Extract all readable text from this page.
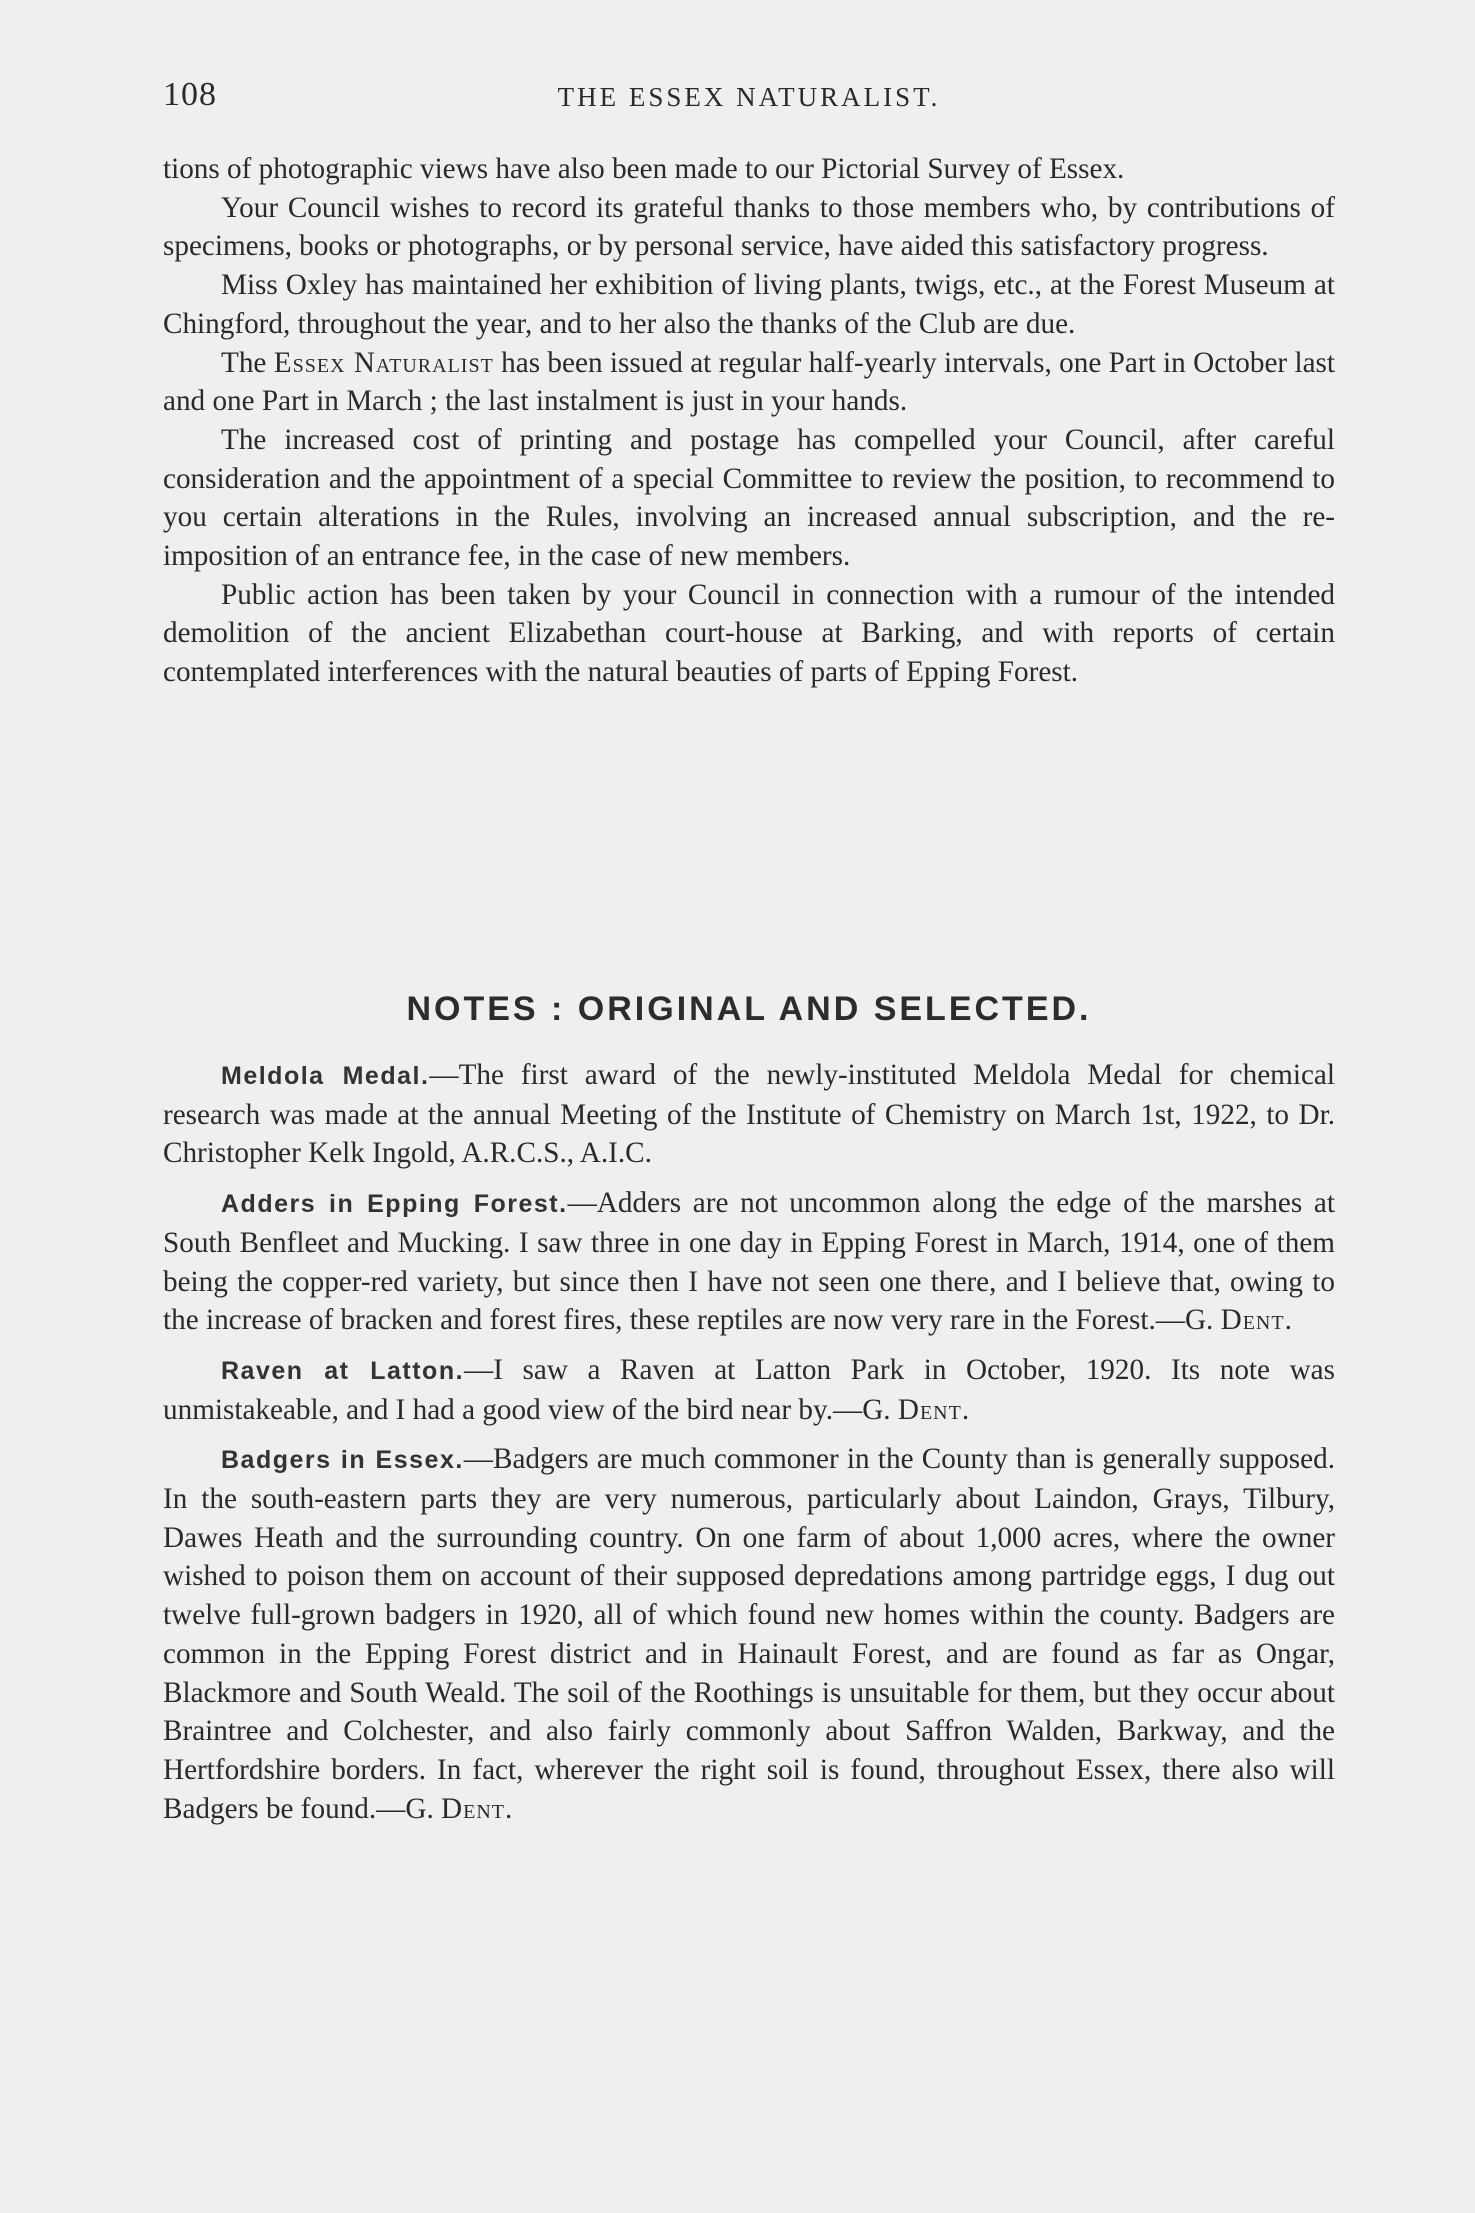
108	THE ESSEX NATURALIST.

tions of photographic views have also been made to our Pictorial Survey of Essex.

Your Council wishes to record its grateful thanks to those members who, by contributions of specimens, books or photographs, or by personal service, have aided this satisfactory progress.

Miss Oxley has maintained her exhibition of living plants, twigs, etc., at the Forest Museum at Chingford, throughout the year, and to her also the thanks of the Club are due.

The Essex Naturalist has been issued at regular half-yearly intervals, one Part in October last and one Part in March ; the last instalment is just in your hands.

The increased cost of printing and postage has compelled your Council, after careful consideration and the appointment of a special Committee to review the position, to recommend to you certain alterations in the Rules, involving an increased annual subscription, and the re-imposition of an entrance fee, in the case of new members.

Public action has been taken by your Council in connection with a rumour of the intended demolition of the ancient Elizabethan court-house at Barking, and with reports of certain contemplated interferences with the natural beauties of parts of Epping Forest.

NOTES : ORIGINAL AND SELECTED.

Meldola Medal.—The first award of the newly-instituted Meldola Medal for chemical research was made at the annual Meeting of the Institute of Chemistry on March 1st, 1922, to Dr. Christopher Kelk Ingold, A.R.C.S., A.I.C.

Adders in Epping Forest.—Adders are not uncommon along the edge of the marshes at South Benfleet and Mucking. I saw three in one day in Epping Forest in March, 1914, one of them being the copper-red variety, but since then I have not seen one there, and I believe that, owing to the increase of bracken and forest fires, these reptiles are now very rare in the Forest.—G. Dent.

Raven at Latton.—I saw a Raven at Latton Park in October, 1920. Its note was unmistakeable, and I had a good view of the bird near by.—G. Dent.

Badgers in Essex.—Badgers are much commoner in the County than is generally supposed. In the south-eastern parts they are very numerous, particularly about Laindon, Grays, Tilbury, Dawes Heath and the surrounding country. On one farm of about 1,000 acres, where the owner wished to poison them on account of their supposed depredations among partridge eggs, I dug out twelve full-grown badgers in 1920, all of which found new homes within the county. Badgers are common in the Epping Forest district and in Hainault Forest, and are found as far as Ongar, Blackmore and South Weald. The soil of the Roothings is unsuitable for them, but they occur about Braintree and Colchester, and also fairly commonly about Saffron Walden, Barkway, and the Hertfordshire borders. In fact, wherever the right soil is found, throughout Essex, there also will Badgers be found.—G. Dent.
